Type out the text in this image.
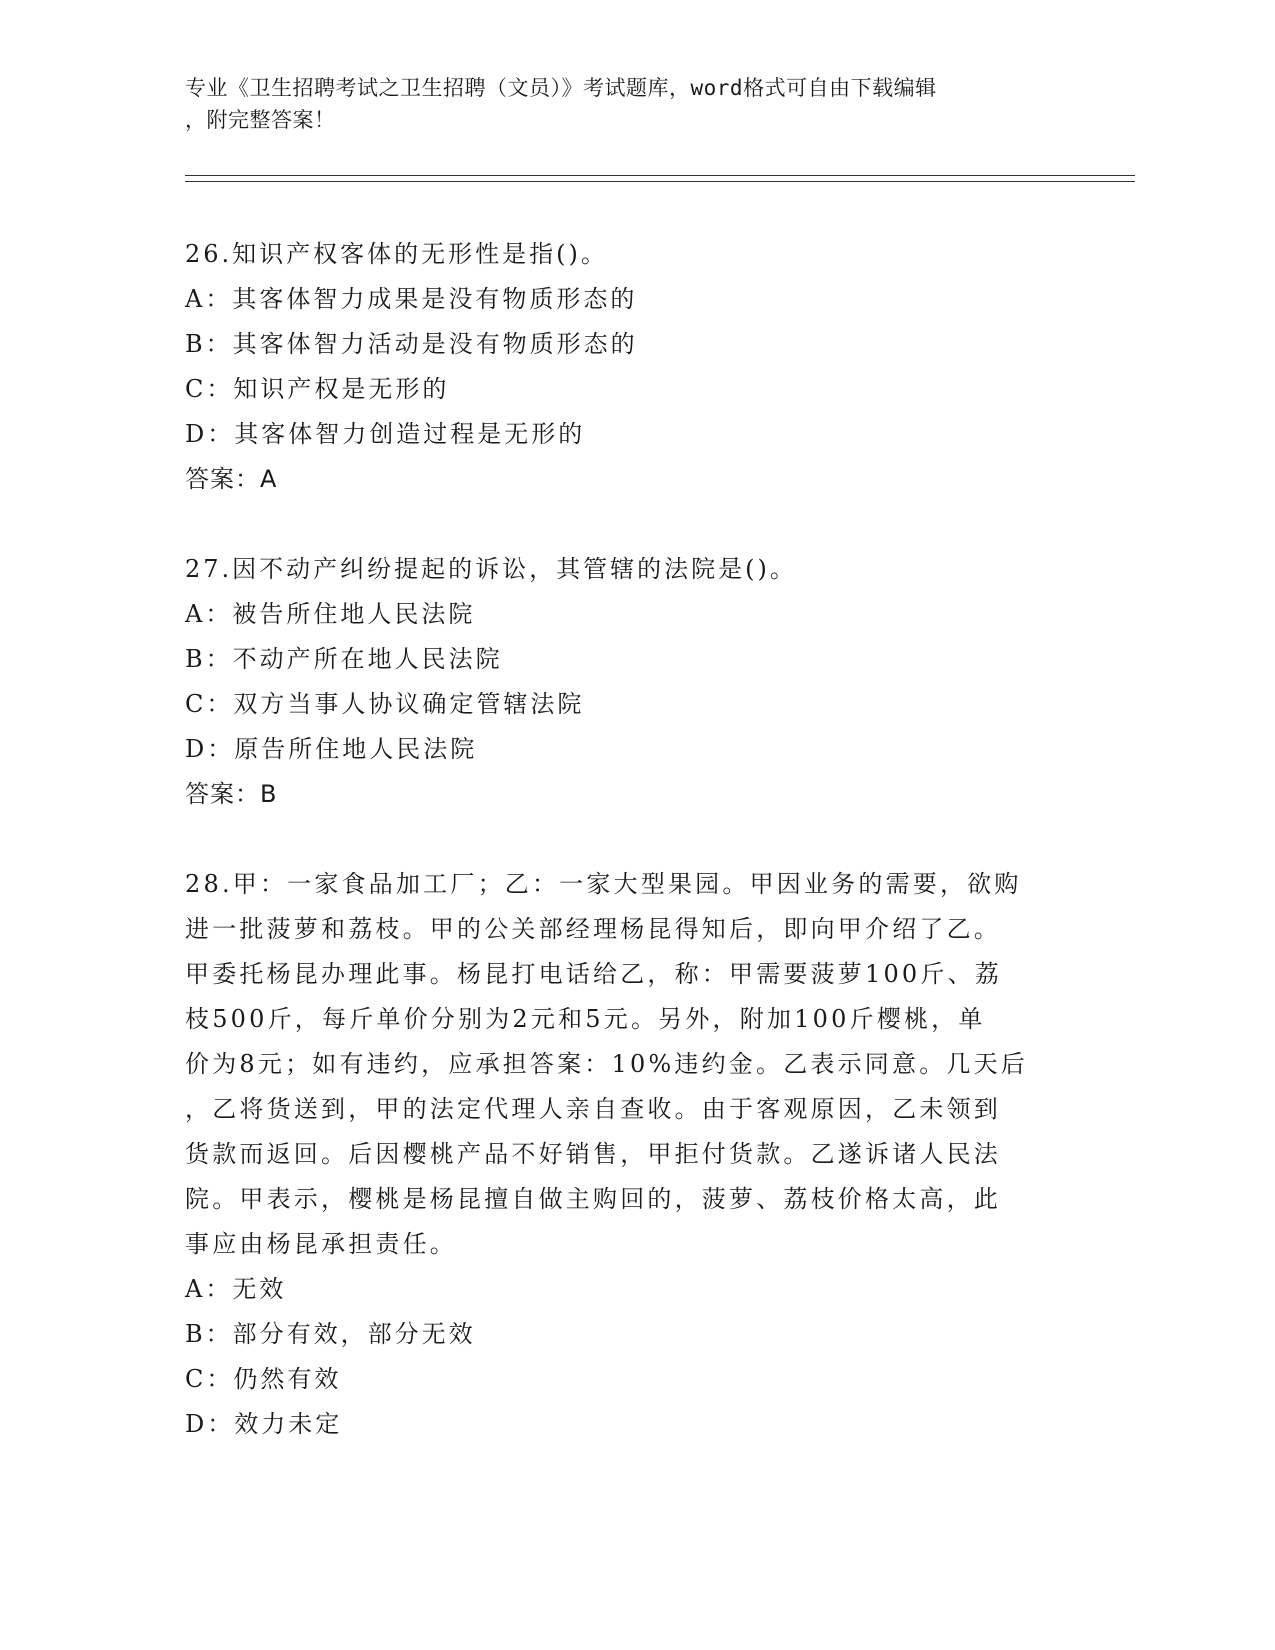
专业《卫生招聘考试之卫生招聘（文员）》考试题库，word格式可自由下载编辑
，附完整答案！
26.知识产权客体的无形性是指()。
A：其客体智力成果是没有物质形态的
B：其客体智力活动是没有物质形态的
C：知识产权是无形的
D：其客体智力创造过程是无形的
答案：A
27.因不动产纠纷提起的诉讼，其管辖的法院是()。
A：被告所住地人民法院
B：不动产所在地人民法院
C：双方当事人协议确定管辖法院
D：原告所住地人民法院
答案：B
28.甲：一家食品加工厂；乙：一家大型果园。甲因业务的需要，欲购
进一批菠萝和荔枝。甲的公关部经理杨昆得知后，即向甲介绍了乙。
甲委托杨昆办理此事。杨昆打电话给乙，称：甲需要菠萝100斤、荔
枝500斤，每斤单价分别为2元和5元。另外，附加100斤樱桃，单
价为8元；如有违约，应承担答案：10%违约金。乙表示同意。几天后
，乙将货送到，甲的法定代理人亲自查收。由于客观原因，乙未领到
货款而返回。后因樱桃产品不好销售，甲拒付货款。乙遂诉诸人民法
院。甲表示，樱桃是杨昆擅自做主购回的，菠萝、荔枝价格太高，此
事应由杨昆承担责任。
A：无效
B：部分有效，部分无效
C：仍然有效
D：效力未定
